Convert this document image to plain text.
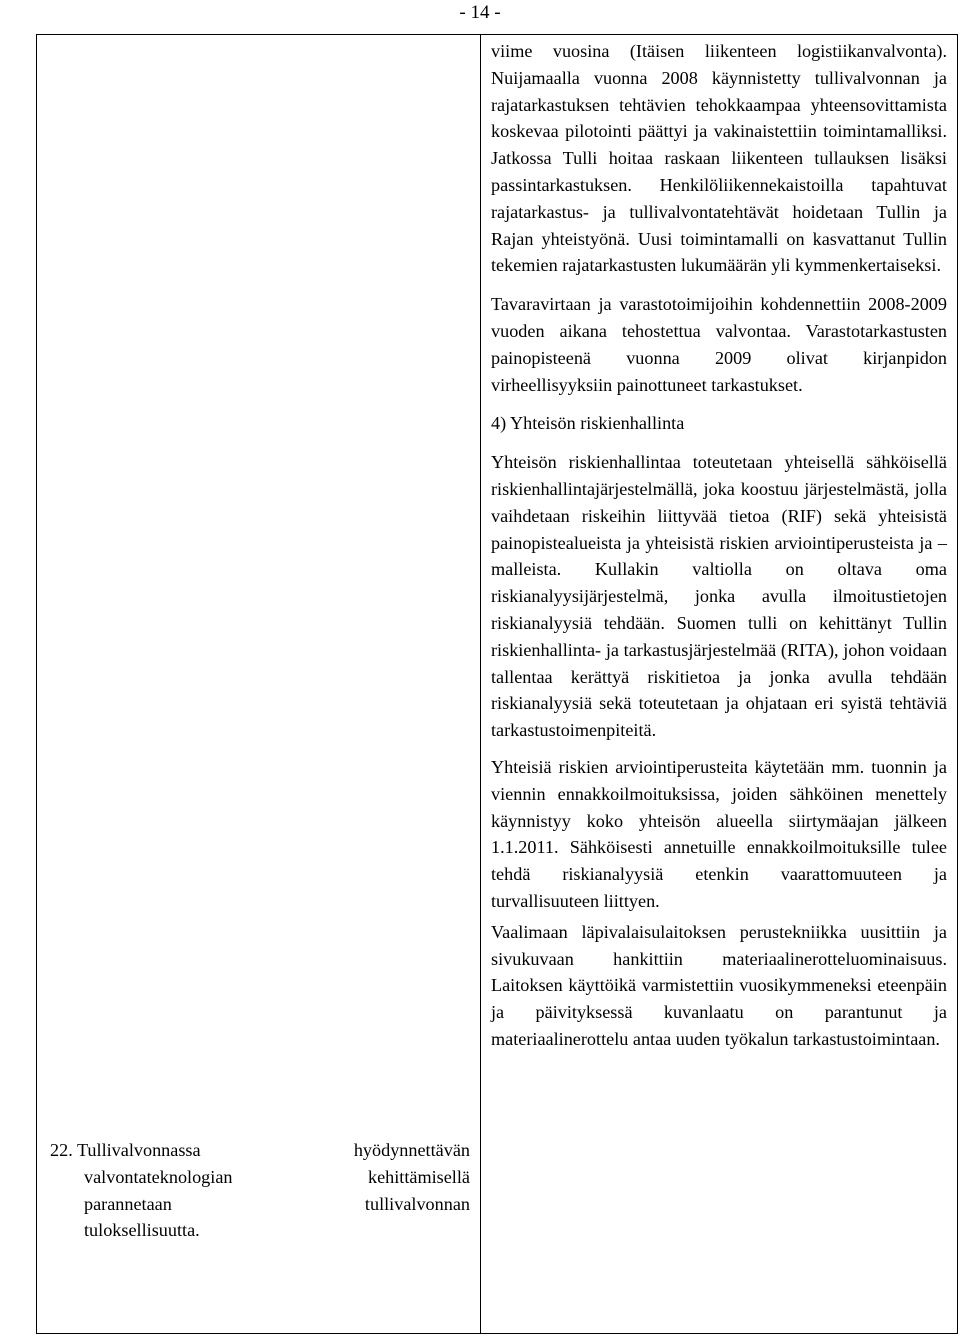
- 14 -
22. Tullivalvonnassa	hyödynnettävän
valvontateknologian	kehittämisellä
parannetaan	tullivalvonnan
tuloksellisuutta.

viime vuosina (Itäisen liikenteen logistiikanvalvonta). Nuijamaalla vuonna 2008 käynnistetty tullivalvonnan ja rajatarkastuksen tehtävien tehokkaampaa yhteensovittamista koskevaa pilotointi päättyi ja vakinaistettiin toimintamalliksi. Jatkossa Tulli hoitaa raskaan liikenteen tullauksen lisäksi passintarkastuksen. Henkilöliikennekaistoilla tapahtuvat rajatarkastus- ja tullivalvontatehtävät hoidetaan Tullin ja Rajan yhteistyönä. Uusi toimintamalli on kasvattanut Tullin tekemien rajatarkastusten lukumäärän yli kymmenkertaiseksi.

Tavaravirtaan ja varastotoimijoihin kohdennettiin 2008-2009 vuoden aikana tehostettua valvontaa. Varastotarkastusten painopisteenä vuonna 2009 olivat kirjanpidon virheellisyyksiin painottuneet tarkastukset.

4) Yhteisön riskienhallinta

Yhteisön riskienhallintaa toteutetaan yhteisellä sähköisellä riskienhallintajärjestelmällä, joka koostuu järjestelmästä, jolla vaihdetaan riskeihin liittyvää tietoa (RIF) sekä yhteisistä painopistealueista ja yhteisistä riskien arviointiperusteista ja –malleista. Kullakin valtiolla on oltava oma riskianalyysijärjestelmä, jonka avulla ilmoitustietojen riskianalyysiä tehdään. Suomen tulli on kehittänyt Tullin riskienhallinta- ja tarkastusjärjestelmää (RITA), johon voidaan tallentaa kerättyä riskitietoa ja jonka avulla tehdään riskianalyysiä sekä toteutetaan ja ohjataan eri syistä tehtäviä tarkastustoimenpiteitä.

Yhteisiä riskien arviointiperusteita käytetään mm. tuonnin ja viennin ennakkoilmoituksissa, joiden sähköinen menettely käynnistyy koko yhteisön alueella siirtymäajan jälkeen 1.1.2011. Sähköisesti annetuille ennakkoilmoituksille tulee tehdä riskianalyysiä etenkin vaarattomuuteen ja turvallisuuteen liittyen.

Vaalimaan läpivalaisulaitoksen perustekniikka uusittiin ja sivukuvaan hankittiin materiaalinerotteluominaisuus. Laitoksen käyttöikä varmistettiin vuosikymmeneksi eteenpäin ja päivityksessä kuvanlaatu on parantunut ja materiaalinerottelu antaa uuden työkalun tarkastustoimintaan.
